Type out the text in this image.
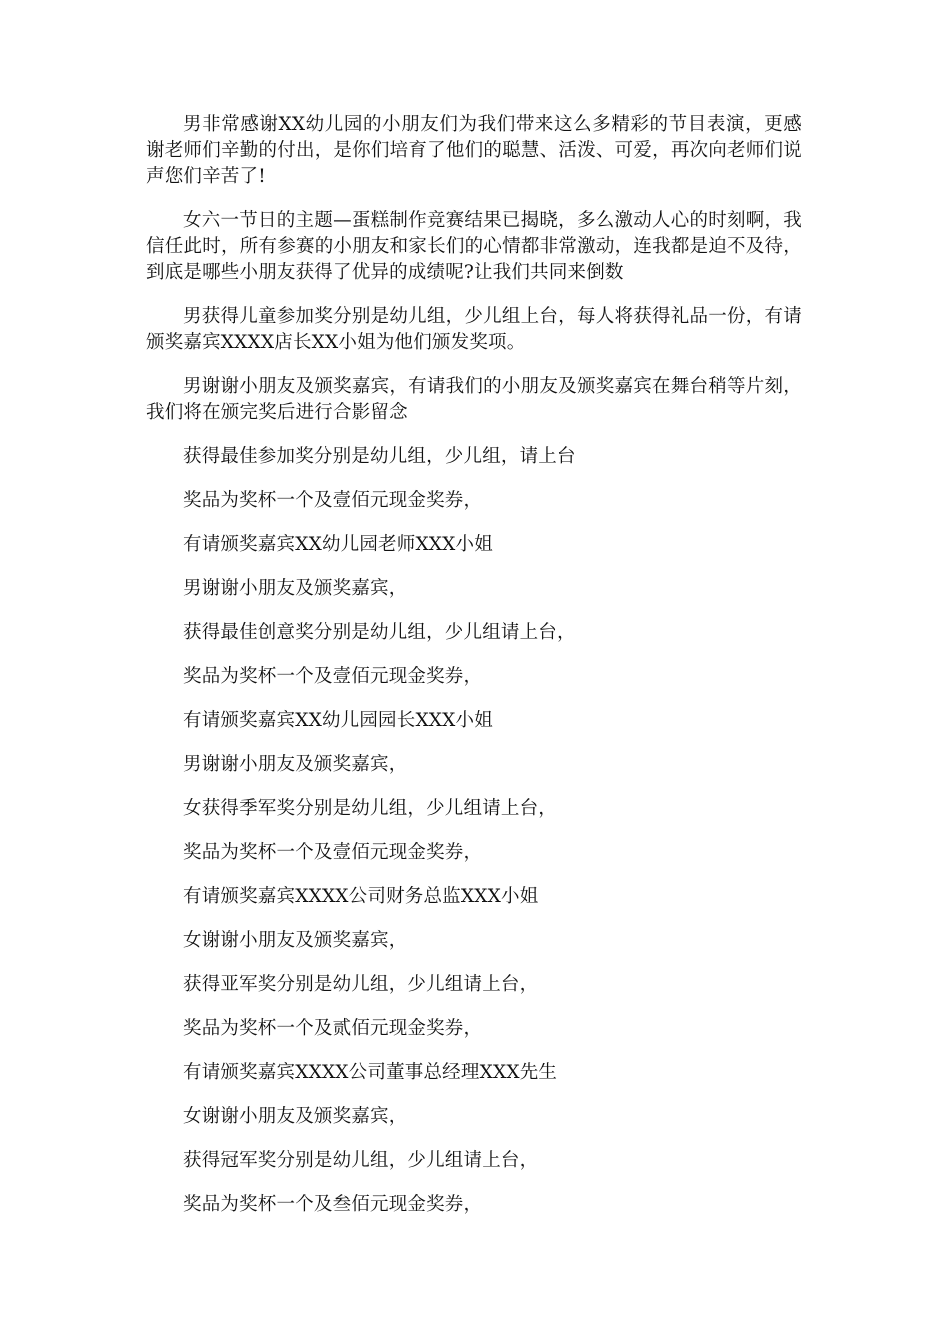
男非常感谢XX幼儿园的小朋友们为我们带来这么多精彩的节目表演，更感谢老师们辛勤的付出，是你们培育了他们的聪慧、活泼、可爱，再次向老师们说声您们辛苦了!

女六一节日的主题—蛋糕制作竞赛结果已揭晓，多么激动人心的时刻啊，我信任此时，所有参赛的小朋友和家长们的心情都非常激动，连我都是迫不及待，到底是哪些小朋友获得了优异的成绩呢?让我们共同来倒数

男获得儿童参加奖分别是幼儿组，少儿组上台，每人将获得礼品一份，有请颁奖嘉宾XXXX店长XX小姐为他们颁发奖项。

男谢谢小朋友及颁奖嘉宾，有请我们的小朋友及颁奖嘉宾在舞台稍等片刻，我们将在颁完奖后进行合影留念

获得最佳参加奖分别是幼儿组，少儿组，请上台

奖品为奖杯一个及壹佰元现金奖券，

有请颁奖嘉宾XX幼儿园老师XXX小姐

男谢谢小朋友及颁奖嘉宾，

获得最佳创意奖分别是幼儿组，少儿组请上台，

奖品为奖杯一个及壹佰元现金奖券，

有请颁奖嘉宾XX幼儿园园长XXX小姐

男谢谢小朋友及颁奖嘉宾，

女获得季军奖分别是幼儿组，少儿组请上台，

奖品为奖杯一个及壹佰元现金奖券，

有请颁奖嘉宾XXXX公司财务总监XXX小姐

女谢谢小朋友及颁奖嘉宾，

获得亚军奖分别是幼儿组，少儿组请上台，

奖品为奖杯一个及贰佰元现金奖券，

有请颁奖嘉宾XXXX公司董事总经理XXX先生

女谢谢小朋友及颁奖嘉宾，

获得冠军奖分别是幼儿组，少儿组请上台，

奖品为奖杯一个及叁佰元现金奖券，
